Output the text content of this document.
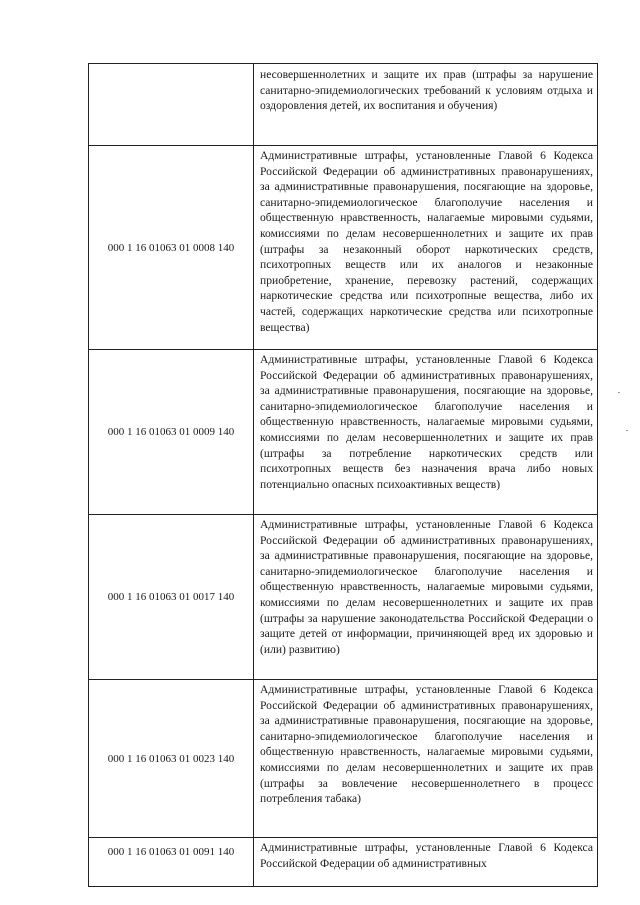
	несовершеннолетних и защите их прав (штрафы за нарушение санитарно-эпидемиологических требований к условиям отдыха и оздоровления детей, их воспитания и обучения)

000 1 16 01063 01 0008 140	Административные штрафы, установленные Главой 6 Кодекса Российской Федерации об административных правонарушениях, за административные правонарушения, посягающие на здоровье, санитарно-эпидемиологическое благополучие населения и общественную нравственность, налагаемые мировыми судьями, комиссиями по делам несовершеннолетних и защите их прав (штрафы за незаконный оборот наркотических средств, психотропных веществ или их аналогов и незаконные приобретение, хранение, перевозку растений, содержащих наркотические средства или психотропные вещества, либо их частей, содержащих наркотические средства или психотропные вещества)

000 1 16 01063 01 0009 140	Административные штрафы, установленные Главой 6 Кодекса Российской Федерации об административных правонарушениях, за административные правонарушения, посягающие на здоровье, санитарно-эпидемиологическое благополучие населения и общественную нравственность, налагаемые мировыми судьями, комиссиями по делам несовершеннолетних и защите их прав (штрафы за потребление наркотических средств или психотропных веществ без назначения врача либо новых потенциально опасных психоактивных веществ)

000 1 16 01063 01 0017 140	Административные штрафы, установленные Главой 6 Кодекса Российской Федерации об административных правонарушениях, за административные правонарушения, посягающие на здоровье, санитарно-эпидемиологическое благополучие населения и общественную нравственность, налагаемые мировыми судьями, комиссиями по делам несовершеннолетних и защите их прав (штрафы за нарушение законодательства Российской Федерации о защите детей от информации, причиняющей вред их здоровью и (или) развитию)

000 1 16 01063 01 0023 140	Административные штрафы, установленные Главой 6 Кодекса Российской Федерации об административных правонарушениях, за административные правонарушения, посягающие на здоровье, санитарно-эпидемиологическое благополучие населения и общественную нравственность, налагаемые мировыми судьями, комиссиями по делам несовершеннолетних и защите их прав (штрафы за вовлечение несовершеннолетнего в процесс потребления табака)

000 1 16 01063 01 0091 140	Административные штрафы, установленные Главой 6 Кодекса Российской Федерации об административных
